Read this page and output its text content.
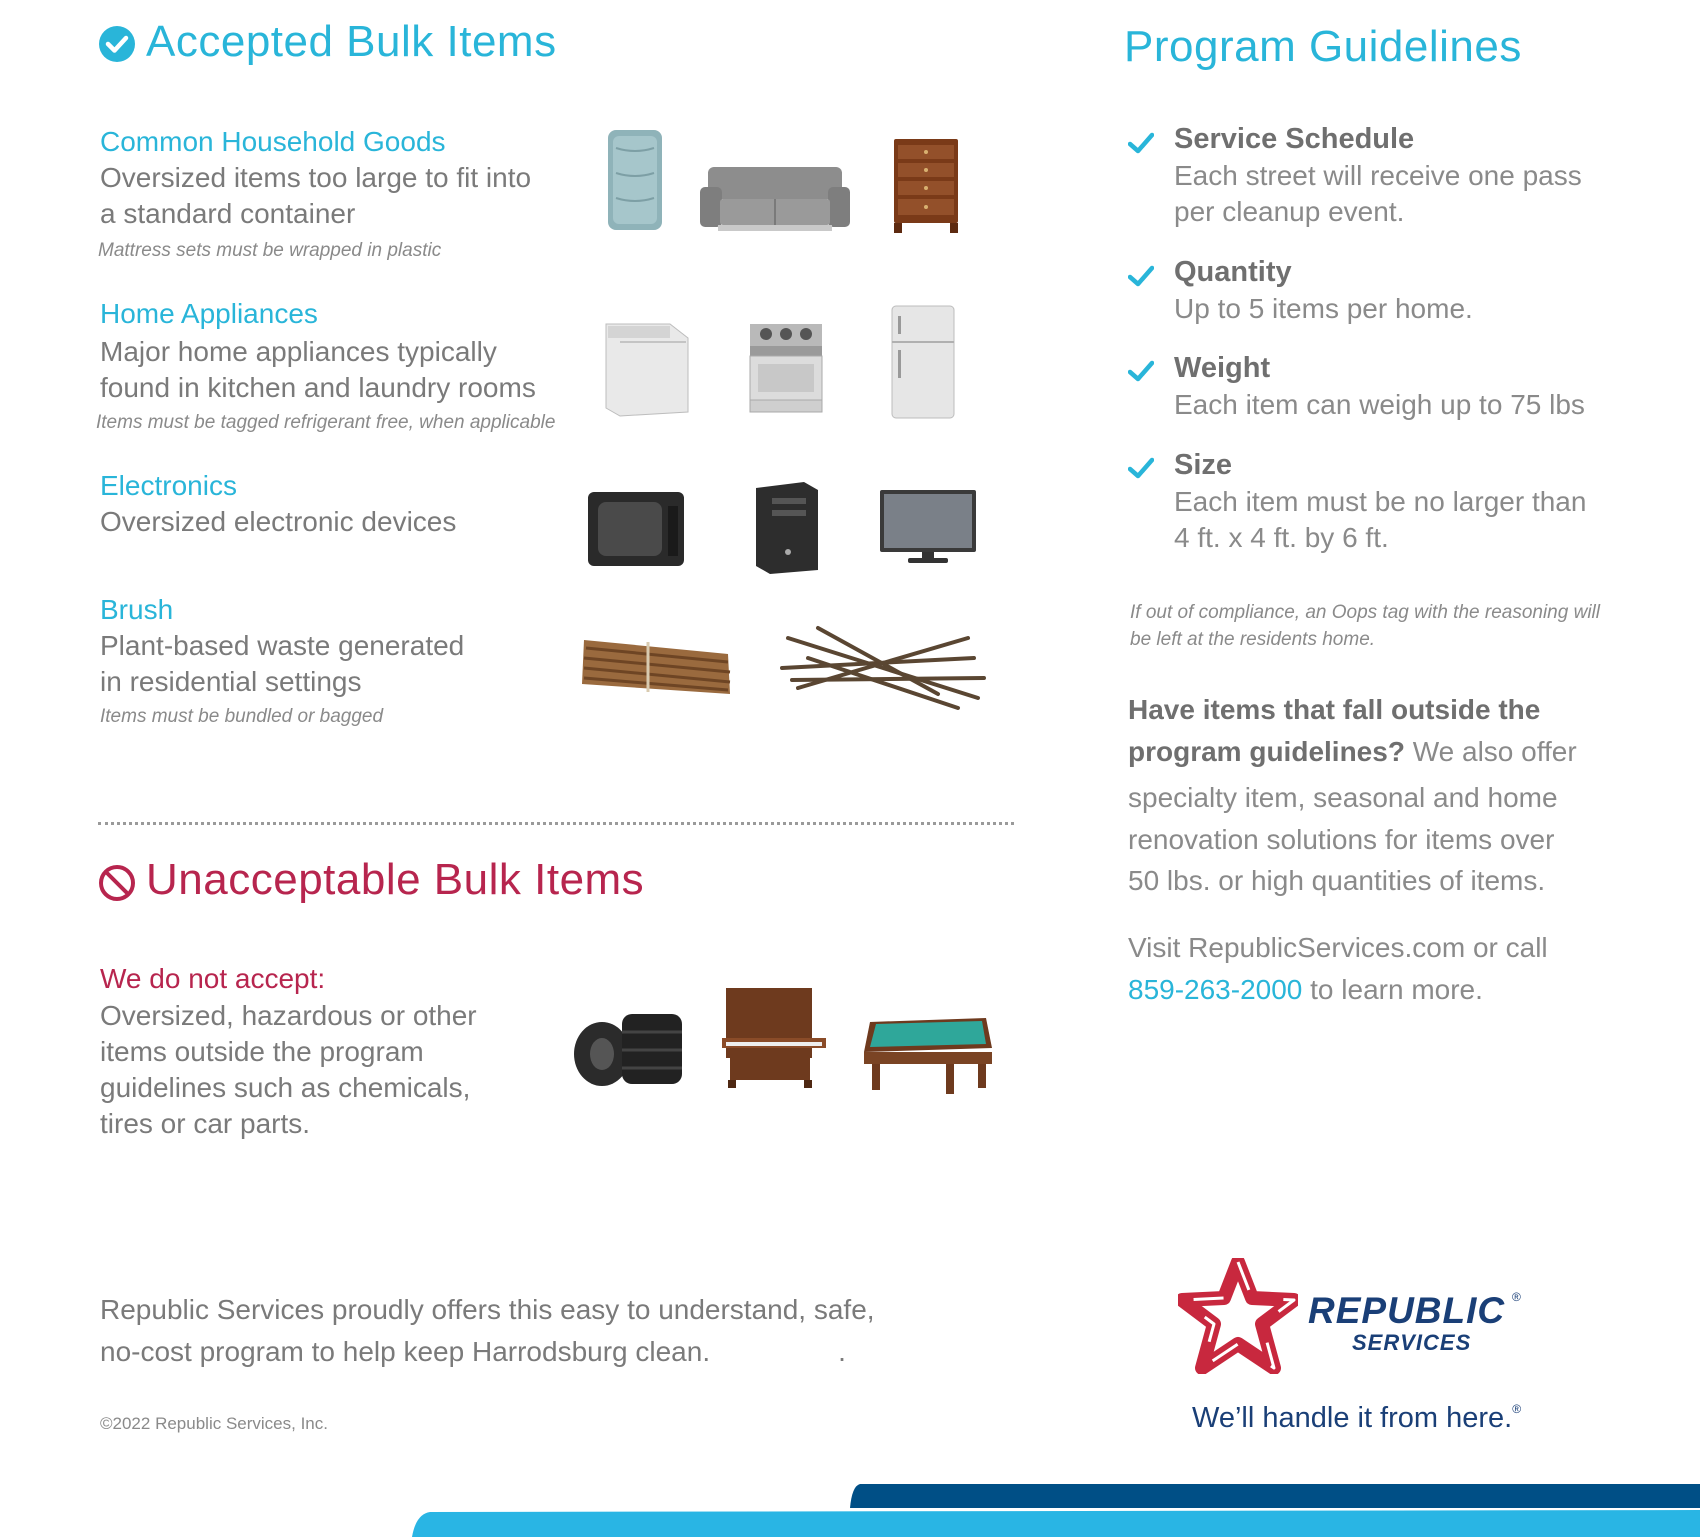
Accepted Bulk Items
Common Household Goods
Oversized items too large to fit into
a standard container
Mattress sets must be wrapped in plastic
Home Appliances
Major home appliances typically
found in kitchen and laundry rooms
Items must be tagged refrigerant free, when applicable
Electronics
Oversized electronic devices
Brush
Plant-based waste generated
in residential settings
Items must be bundled or bagged
Unacceptable Bulk Items
We do not accept:
Oversized, hazardous or other
items outside the program
guidelines such as chemicals,
tires or car parts.
Program Guidelines
Service Schedule
Each street will receive one pass
per cleanup event.
Quantity
Up to 5 items per home.
Weight
Each item can weigh up to 75 lbs
Size
Each item must be no larger than
4 ft. x 4 ft. by 6 ft.
If out of compliance, an Oops tag with the reasoning will
be left at the residents home.
Have items that fall outside the
program guidelines? We also offer
specialty item, seasonal and home
renovation solutions for items over
50 lbs. or high quantities of items.
Visit RepublicServices.com or call
859-263-2000 to learn more.
Republic Services proudly offers this easy to understand, safe,
no-cost program to help keep Harrodsburg clean.	.
©2022 Republic Services, Inc.
REPUBLIC ®
SERVICES
We’ll handle it from here.®
